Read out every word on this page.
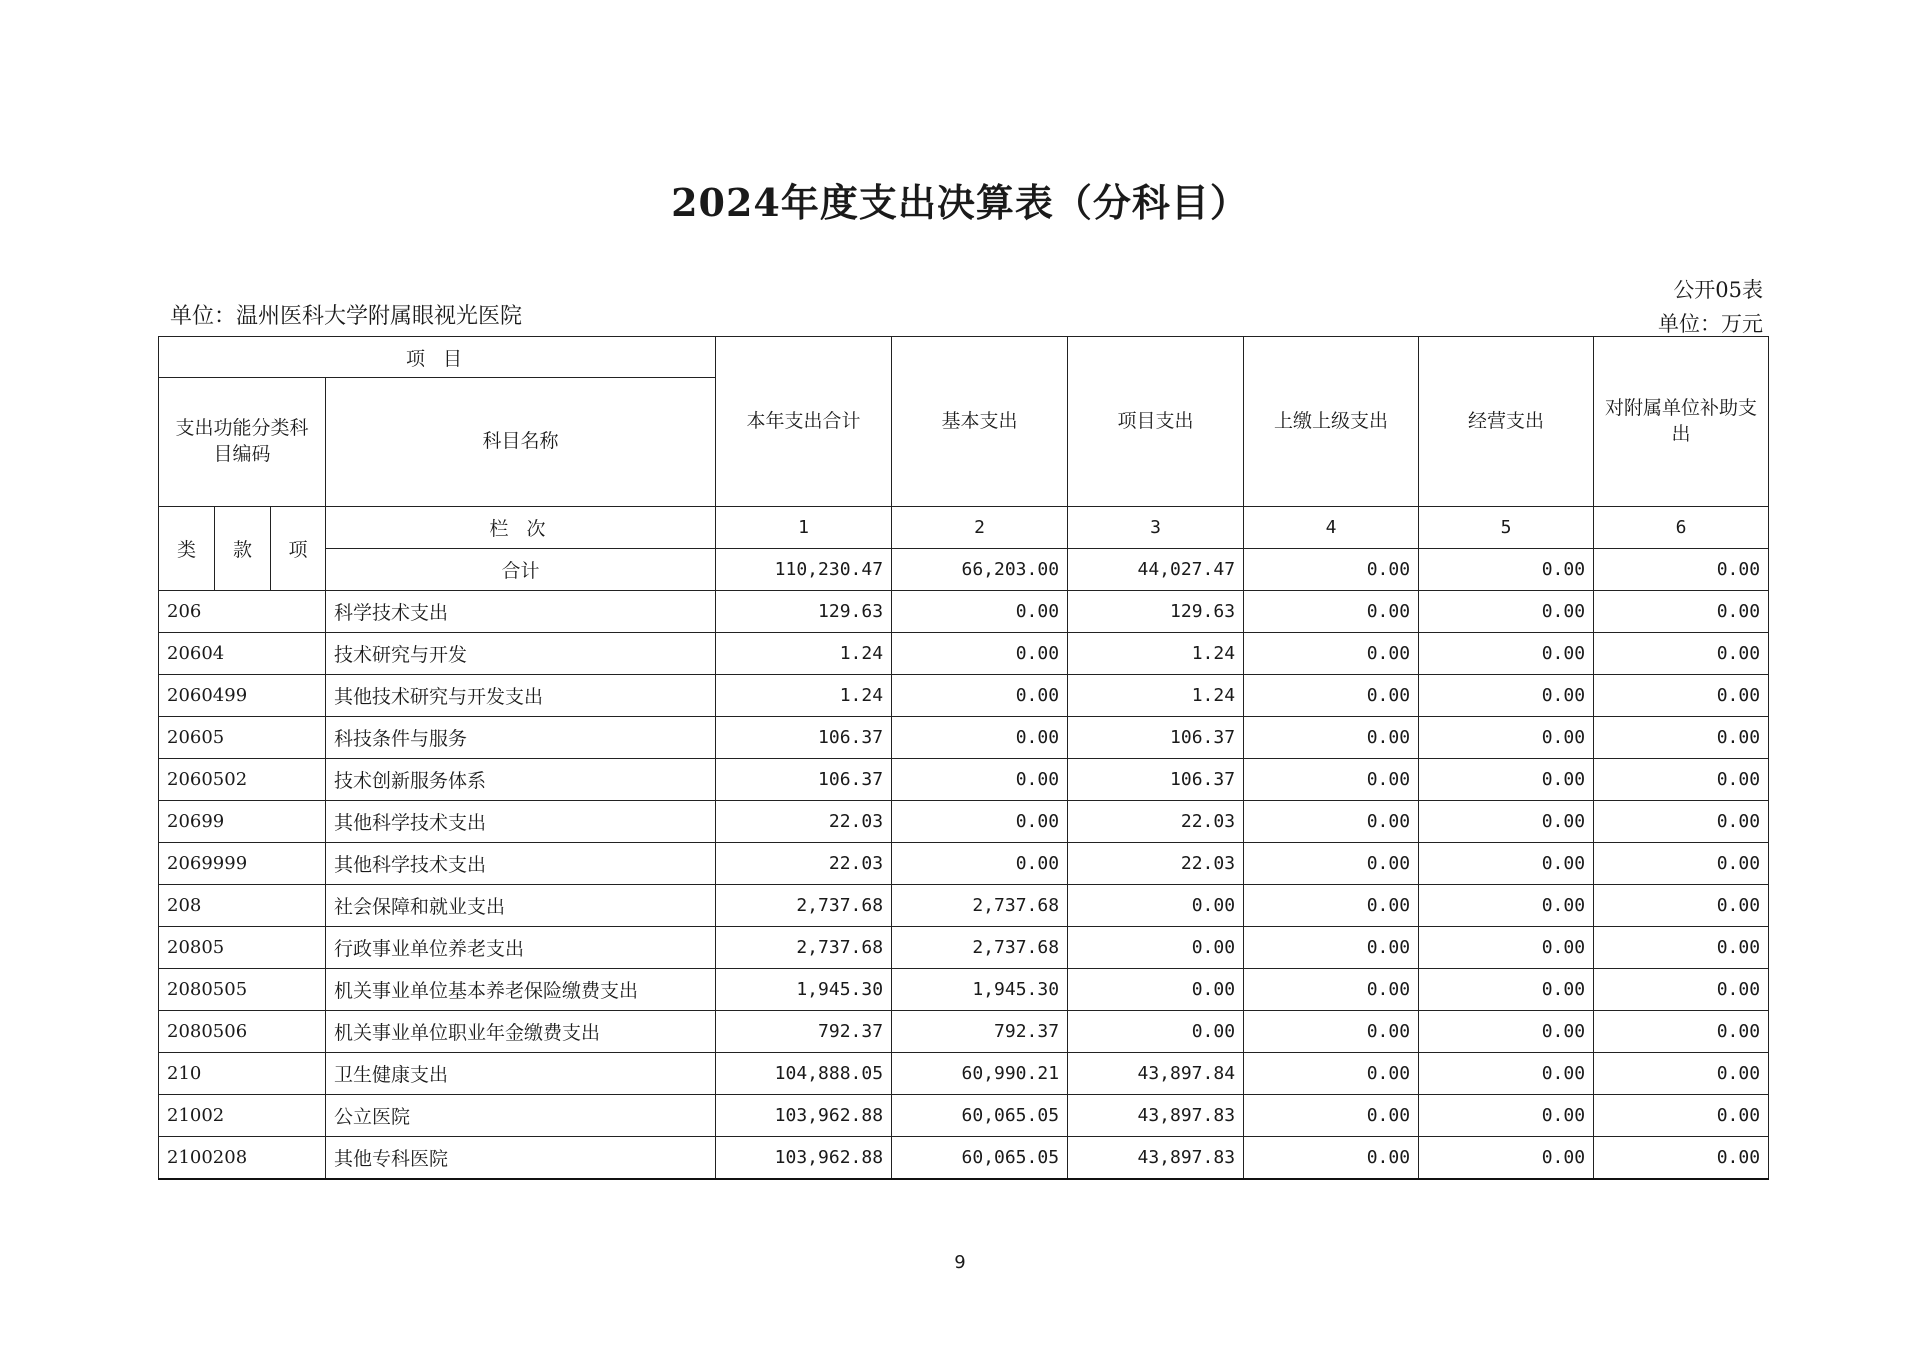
2024年度支出决算表（分科目）
公开05表
单位：万元
单位：温州医科大学附属眼视光医院
项 目				本年支出合计	基本支出	项目支出	上缴上级支出	经营支出	对附属单位补助支出
支出功能分类科目编码			科目名称						
类	款	项	栏 次	1	2	3	4	5	6
			合计	110,230.47	66,203.00	44,027.47	0.00	0.00	0.00
206			科学技术支出	129.63	0.00	129.63	0.00	0.00	0.00
20604			技术研究与开发	1.24	0.00	1.24	0.00	0.00	0.00
2060499			其他技术研究与开发支出	1.24	0.00	1.24	0.00	0.00	0.00
20605			科技条件与服务	106.37	0.00	106.37	0.00	0.00	0.00
2060502			技术创新服务体系	106.37	0.00	106.37	0.00	0.00	0.00
20699			其他科学技术支出	22.03	0.00	22.03	0.00	0.00	0.00
2069999			其他科学技术支出	22.03	0.00	22.03	0.00	0.00	0.00
208			社会保障和就业支出	2,737.68	2,737.68	0.00	0.00	0.00	0.00
20805			行政事业单位养老支出	2,737.68	2,737.68	0.00	0.00	0.00	0.00
2080505			机关事业单位基本养老保险缴费支出	1,945.30	1,945.30	0.00	0.00	0.00	0.00
2080506			机关事业单位职业年金缴费支出	792.37	792.37	0.00	0.00	0.00	0.00
210			卫生健康支出	104,888.05	60,990.21	43,897.84	0.00	0.00	0.00
21002			公立医院	103,962.88	60,065.05	43,897.83	0.00	0.00	0.00
2100208			其他专科医院	103,962.88	60,065.05	43,897.83	0.00	0.00	0.00
9
